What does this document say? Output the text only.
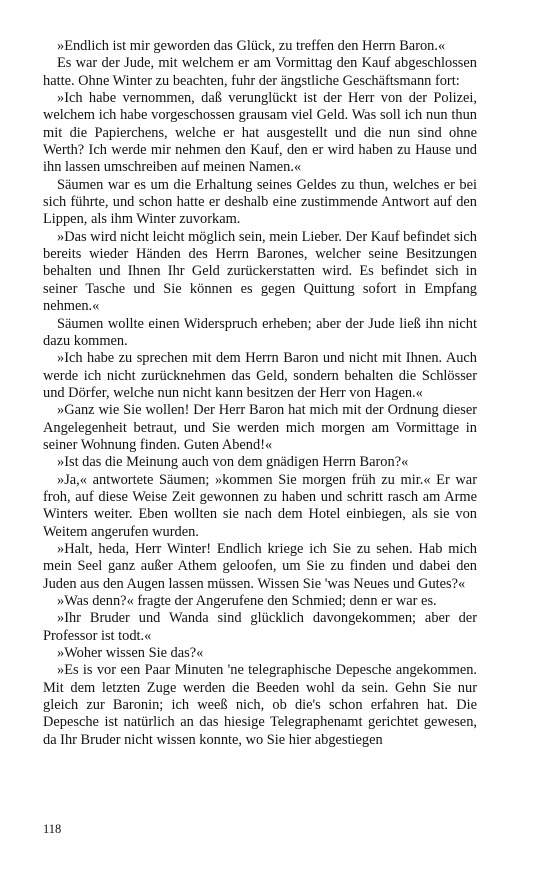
»Endlich ist mir geworden das Glück, zu treffen den Herrn Baron.«

Es war der Jude, mit welchem er am Vormittag den Kauf abgeschlossen hatte. Ohne Winter zu beachten, fuhr der ängstliche Geschäftsmann fort:

»Ich habe vernommen, daß verunglückt ist der Herr von der Polizei, welchem ich habe vorgeschossen grausam viel Geld. Was soll ich nun thun mit die Papierchens, welche er hat ausgestellt und die nun sind ohne Werth? Ich werde mir nehmen den Kauf, den er wird haben zu Hause und ihn lassen umschreiben auf meinen Namen.«

Säumen war es um die Erhaltung seines Geldes zu thun, welches er bei sich führte, und schon hatte er deshalb eine zustimmende Antwort auf den Lippen, als ihm Winter zuvorkam.

»Das wird nicht leicht möglich sein, mein Lieber. Der Kauf befindet sich bereits wieder Händen des Herrn Barones, welcher seine Besitzungen behalten und Ihnen Ihr Geld zurückerstatten wird. Es befindet sich in seiner Tasche und Sie können es gegen Quittung sofort in Empfang nehmen.«

Säumen wollte einen Widerspruch erheben; aber der Jude ließ ihn nicht dazu kommen.

»Ich habe zu sprechen mit dem Herrn Baron und nicht mit Ihnen. Auch werde ich nicht zurücknehmen das Geld, sondern behalten die Schlösser und Dörfer, welche nun nicht kann besitzen der Herr von Hagen.«

»Ganz wie Sie wollen! Der Herr Baron hat mich mit der Ordnung dieser Angelegenheit betraut, und Sie werden mich morgen am Vormittage in seiner Wohnung finden. Guten Abend!«

»Ist das die Meinung auch von dem gnädigen Herrn Baron?«

»Ja,« antwortete Säumen; »kommen Sie morgen früh zu mir.« Er war froh, auf diese Weise Zeit gewonnen zu haben und schritt rasch am Arme Winters weiter. Eben wollten sie nach dem Hotel einbiegen, als sie von Weitem angerufen wurden.

»Halt, heda, Herr Winter! Endlich kriege ich Sie zu sehen. Hab mich mein Seel ganz außer Athem geloofen, um Sie zu finden und dabei den Juden aus den Augen lassen müssen. Wissen Sie 'was Neues und Gutes?«

»Was denn?« fragte der Angerufene den Schmied; denn er war es.

»Ihr Bruder und Wanda sind glücklich davongekommen; aber der Professor ist todt.«

»Woher wissen Sie das?«

»Es is vor een Paar Minuten 'ne telegraphische Depesche angekommen. Mit dem letzten Zuge werden die Beeden wohl da sein. Gehn Sie nur gleich zur Baronin; ich weeß nich, ob die's schon erfahren hat. Die Depesche ist natürlich an das hiesige Telegraphenamt gerichtet gewesen, da Ihr Bruder nicht wissen konnte, wo Sie hier abgestiegen

118
